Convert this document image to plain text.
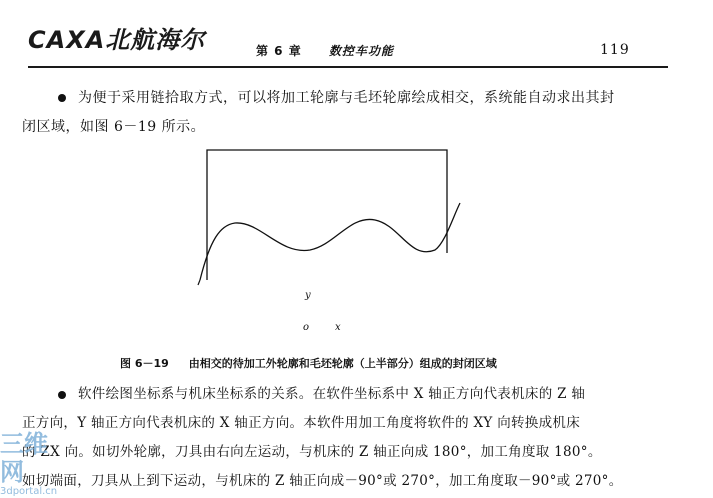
CAXA北航海尔	第 6 章 数控车功能	119
为便于采用链拾取方式，可以将加工轮廓与毛坯轮廓绘成相交，系统能自动求出其封
闭区域，如图 6－19 所示。
y
o	x
图 6－19 由相交的待加工外轮廓和毛坯轮廓（上半部分）组成的封闭区域
软件绘图坐标系与机床坐标系的关系。在软件坐标系中 X 轴正方向代表机床的 Z 轴
正方向，Y 轴正方向代表机床的 X 轴正方向。本软件用加工角度将软件的 XY 向转换成机床
的 ZX 向。如切外轮廓，刀具由右向左运动，与机床的 Z 轴正向成 180°，加工角度取 180°。
如切端面，刀具从上到下运动，与机床的 Z 轴正向成－90°或 270°，加工角度取－90°或 270°。
三维网
3dportal.cn
